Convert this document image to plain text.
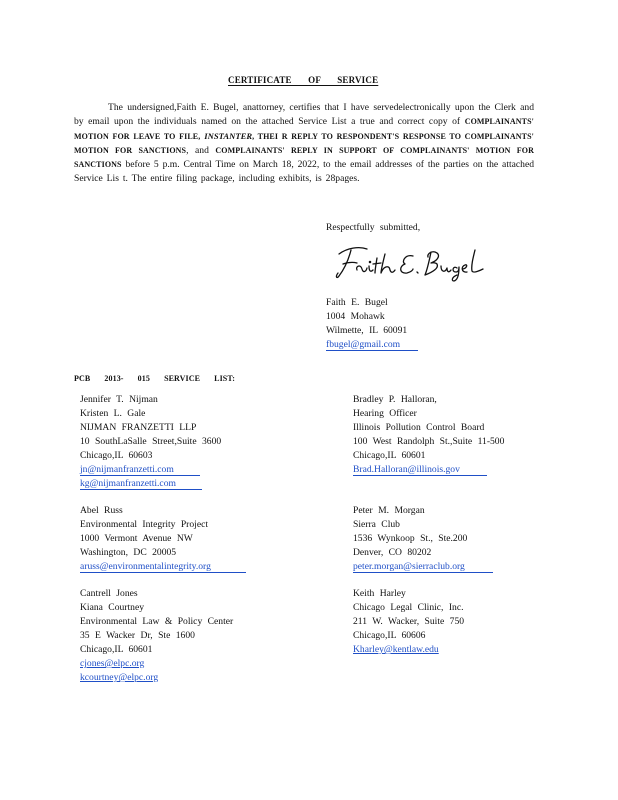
CERTIFICATE OF SERVICE
The undersigned,Faith E. Bugel, anattorney, certifies that I have servedelectronically upon the Clerk and by email upon the individuals named on the attached Service List a true and correct copy of COMPLAINANTS' MOTION FOR LEAVE TO FILE, INSTANTER, THEI R REPLY TO RESPONDENT'S RESPONSE TO COMPLAINANTS' MOTION FOR SANCTIONS, and COMPLAINANTS' REPLY IN SUPPORT OF COMPLAINANTS' MOTION FOR SANCTIONS before 5 p.m. Central Time on March 18, 2022, to the email addresses of the parties on the attached Service Lis t. The entire filing package, including exhibits, is 28pages.
Respectfully submitted,
Faith E. Bugel
1004 Mohawk
Wilmette, IL 60091
fbugel@gmail.com
PCB 2013- 015 SERVICE LIST:
Jennifer T. Nijman
Kristen L. Gale
NIJMAN FRANZETTI LLP
10 SouthLaSalle Street,Suite 3600
Chicago,IL 60603
jn@nijmanfranzetti.com
kg@nijmanfranzetti.com
Abel Russ
Environmental Integrity Project
1000 Vermont Avenue NW
Washington, DC 20005
aruss@environmentalintegrity.org
Cantrell Jones
Kiana Courtney
Environmental Law & Policy Center
35 E Wacker Dr, Ste 1600
Chicago,IL 60601
cjones@elpc.org
kcourtney@elpc.org
Bradley P. Halloran,
Hearing Officer
Illinois Pollution Control Board
100 West Randolph St.,Suite 11-500
Chicago,IL 60601
Brad.Halloran@illinois.gov
Peter M. Morgan
Sierra Club
1536 Wynkoop St., Ste.200
Denver, CO 80202
peter.morgan@sierraclub.org
Keith Harley
Chicago Legal Clinic, Inc.
211 W. Wacker, Suite 750
Chicago,IL 60606
Kharley@kentlaw.edu
